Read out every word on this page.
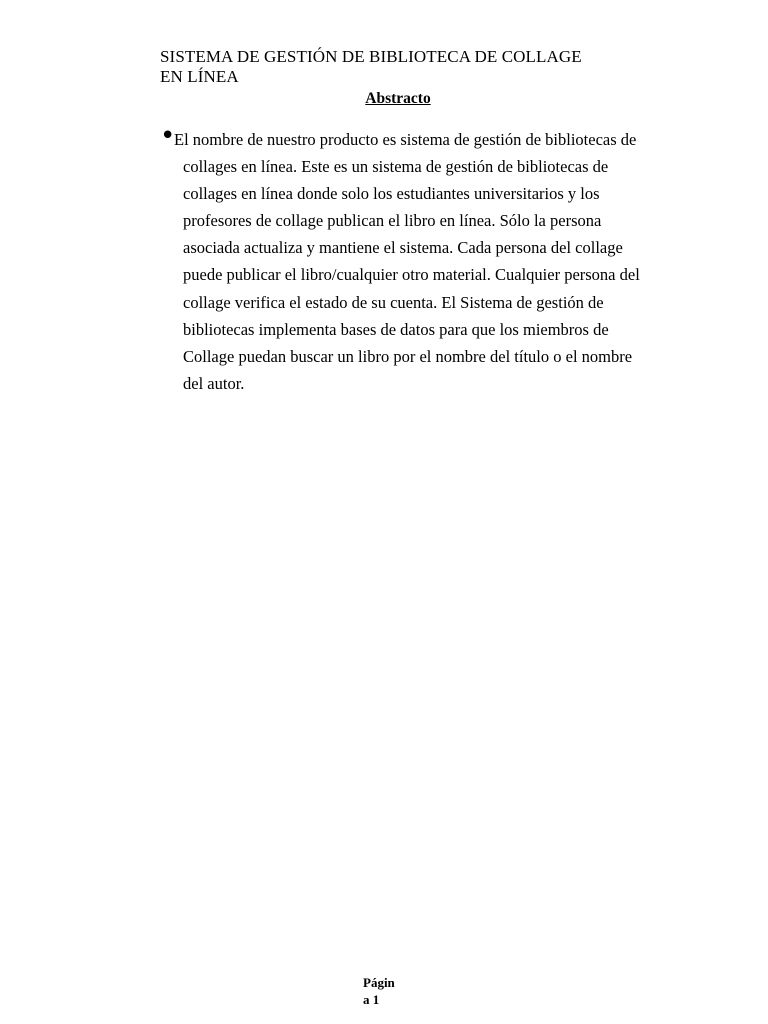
SISTEMA DE GESTIÓN DE BIBLIOTECA DE COLLAGE
EN LÍNEA
Abstracto
•
El nombre de nuestro producto es sistema de gestión de bibliotecas de
collages en línea. Este es un sistema de gestión de bibliotecas de
collages en línea donde solo los estudiantes universitarios y los
profesores de collage publican el libro en línea. Sólo la persona
asociada actualiza y mantiene el sistema. Cada persona del collage
puede publicar el libro/cualquier otro material. Cualquier persona del
collage verifica el estado de su cuenta. El Sistema de gestión de
bibliotecas implementa bases de datos para que los miembros de
Collage puedan buscar un libro por el nombre del título o el nombre
del autor.
Págin
a 1
